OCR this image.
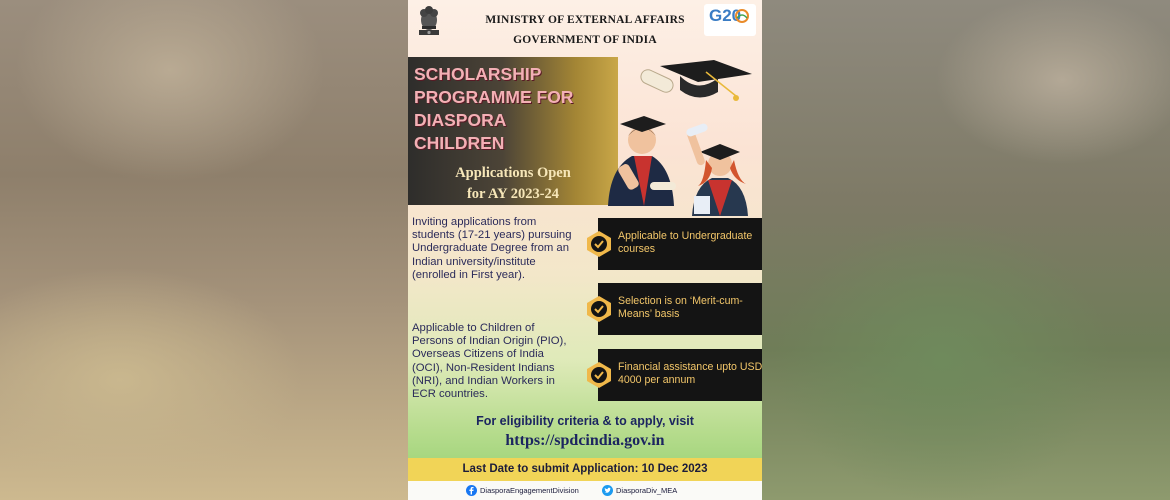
MINISTRY OF EXTERNAL AFFAIRS
GOVERNMENT OF INDIA
G20
SCHOLARSHIP
PROGRAMME FOR
DIASPORA
CHILDREN
Applications Open
for AY 2023-24
Inviting applications from students (17-21 years) pursuing Undergraduate Degree from an Indian university/institute (enrolled in First year).
Applicable to Children of Persons of Indian Origin (PIO), Overseas Citizens of India (OCI), Non-Resident Indians (NRI), and Indian Workers in ECR countries.
Applicable to Undergraduate courses
Selection is on ‘Merit-cum-Means’ basis
Financial assistance upto USD 4000 per annum
For eligibility criteria & to apply, visit
https://spdcindia.gov.in
Last Date to submit Application: 10 Dec 2023
DiasporaEngagementDivision	DiasporaDiv_MEA
